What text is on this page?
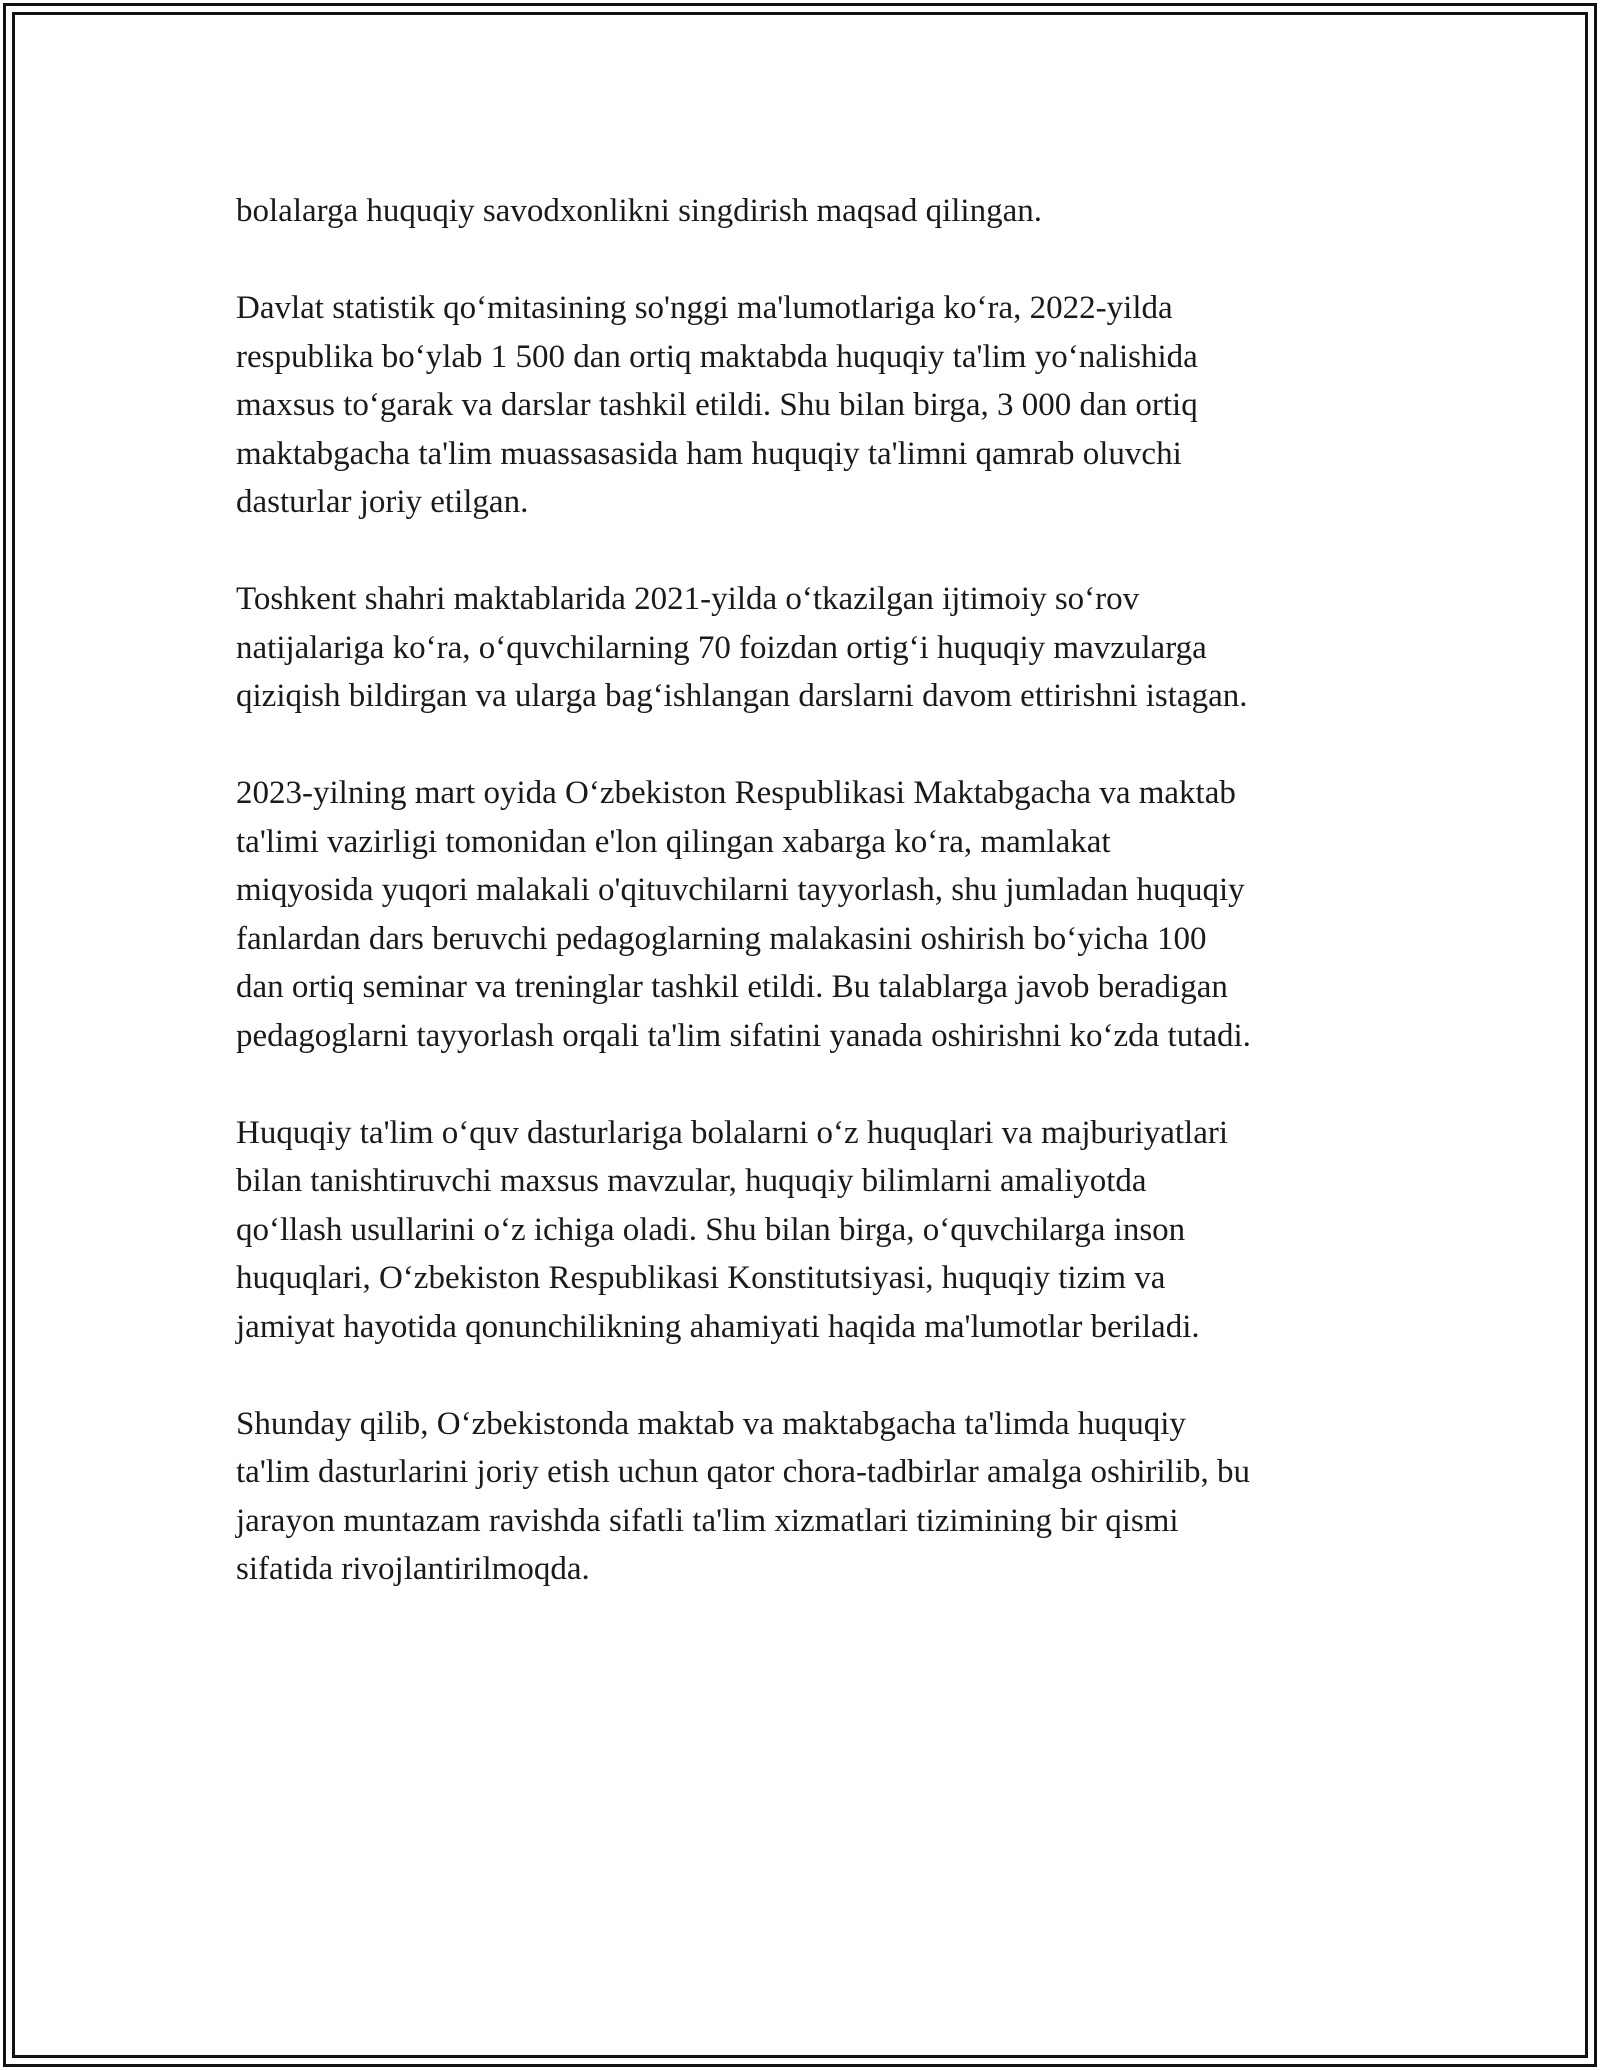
bolalarga huquqiy savodxonlikni singdirish maqsad qilingan.

Davlat statistik qo‘mitasining so'nggi ma'lumotlariga ko‘ra, 2022-yilda
respublika bo‘ylab 1 500 dan ortiq maktabda huquqiy ta'lim yo‘nalishida
maxsus to‘garak va darslar tashkil etildi. Shu bilan birga, 3 000 dan ortiq
maktabgacha ta'lim muassasasida ham huquqiy ta'limni qamrab oluvchi
dasturlar joriy etilgan.

Toshkent shahri maktablarida 2021-yilda o‘tkazilgan ijtimoiy so‘rov
natijalariga ko‘ra, o‘quvchilarning 70 foizdan ortig‘i huquqiy mavzularga
qiziqish bildirgan va ularga bag‘ishlangan darslarni davom ettirishni istagan.

2023-yilning mart oyida O‘zbekiston Respublikasi Maktabgacha va maktab
ta'limi vazirligi tomonidan e'lon qilingan xabarga ko‘ra, mamlakat
miqyosida yuqori malakali o'qituvchilarni tayyorlash, shu jumladan huquqiy
fanlardan dars beruvchi pedagoglarning malakasini oshirish bo‘yicha 100
dan ortiq seminar va treninglar tashkil etildi. Bu talablarga javob beradigan
pedagoglarni tayyorlash orqali ta'lim sifatini yanada oshirishni ko‘zda tutadi.

Huquqiy ta'lim o‘quv dasturlariga bolalarni o‘z huquqlari va majburiyatlari
bilan tanishtiruvchi maxsus mavzular, huquqiy bilimlarni amaliyotda
qo‘llash usullarini o‘z ichiga oladi. Shu bilan birga, o‘quvchilarga inson
huquqlari, O‘zbekiston Respublikasi Konstitutsiyasi, huquqiy tizim va
jamiyat hayotida qonunchilikning ahamiyati haqida ma'lumotlar beriladi.

Shunday qilib, O‘zbekistonda maktab va maktabgacha ta'limda huquqiy
ta'lim dasturlarini joriy etish uchun qator chora-tadbirlar amalga oshirilib, bu
jarayon muntazam ravishda sifatli ta'lim xizmatlari tizimining bir qismi
sifatida rivojlantirilmoqda.
